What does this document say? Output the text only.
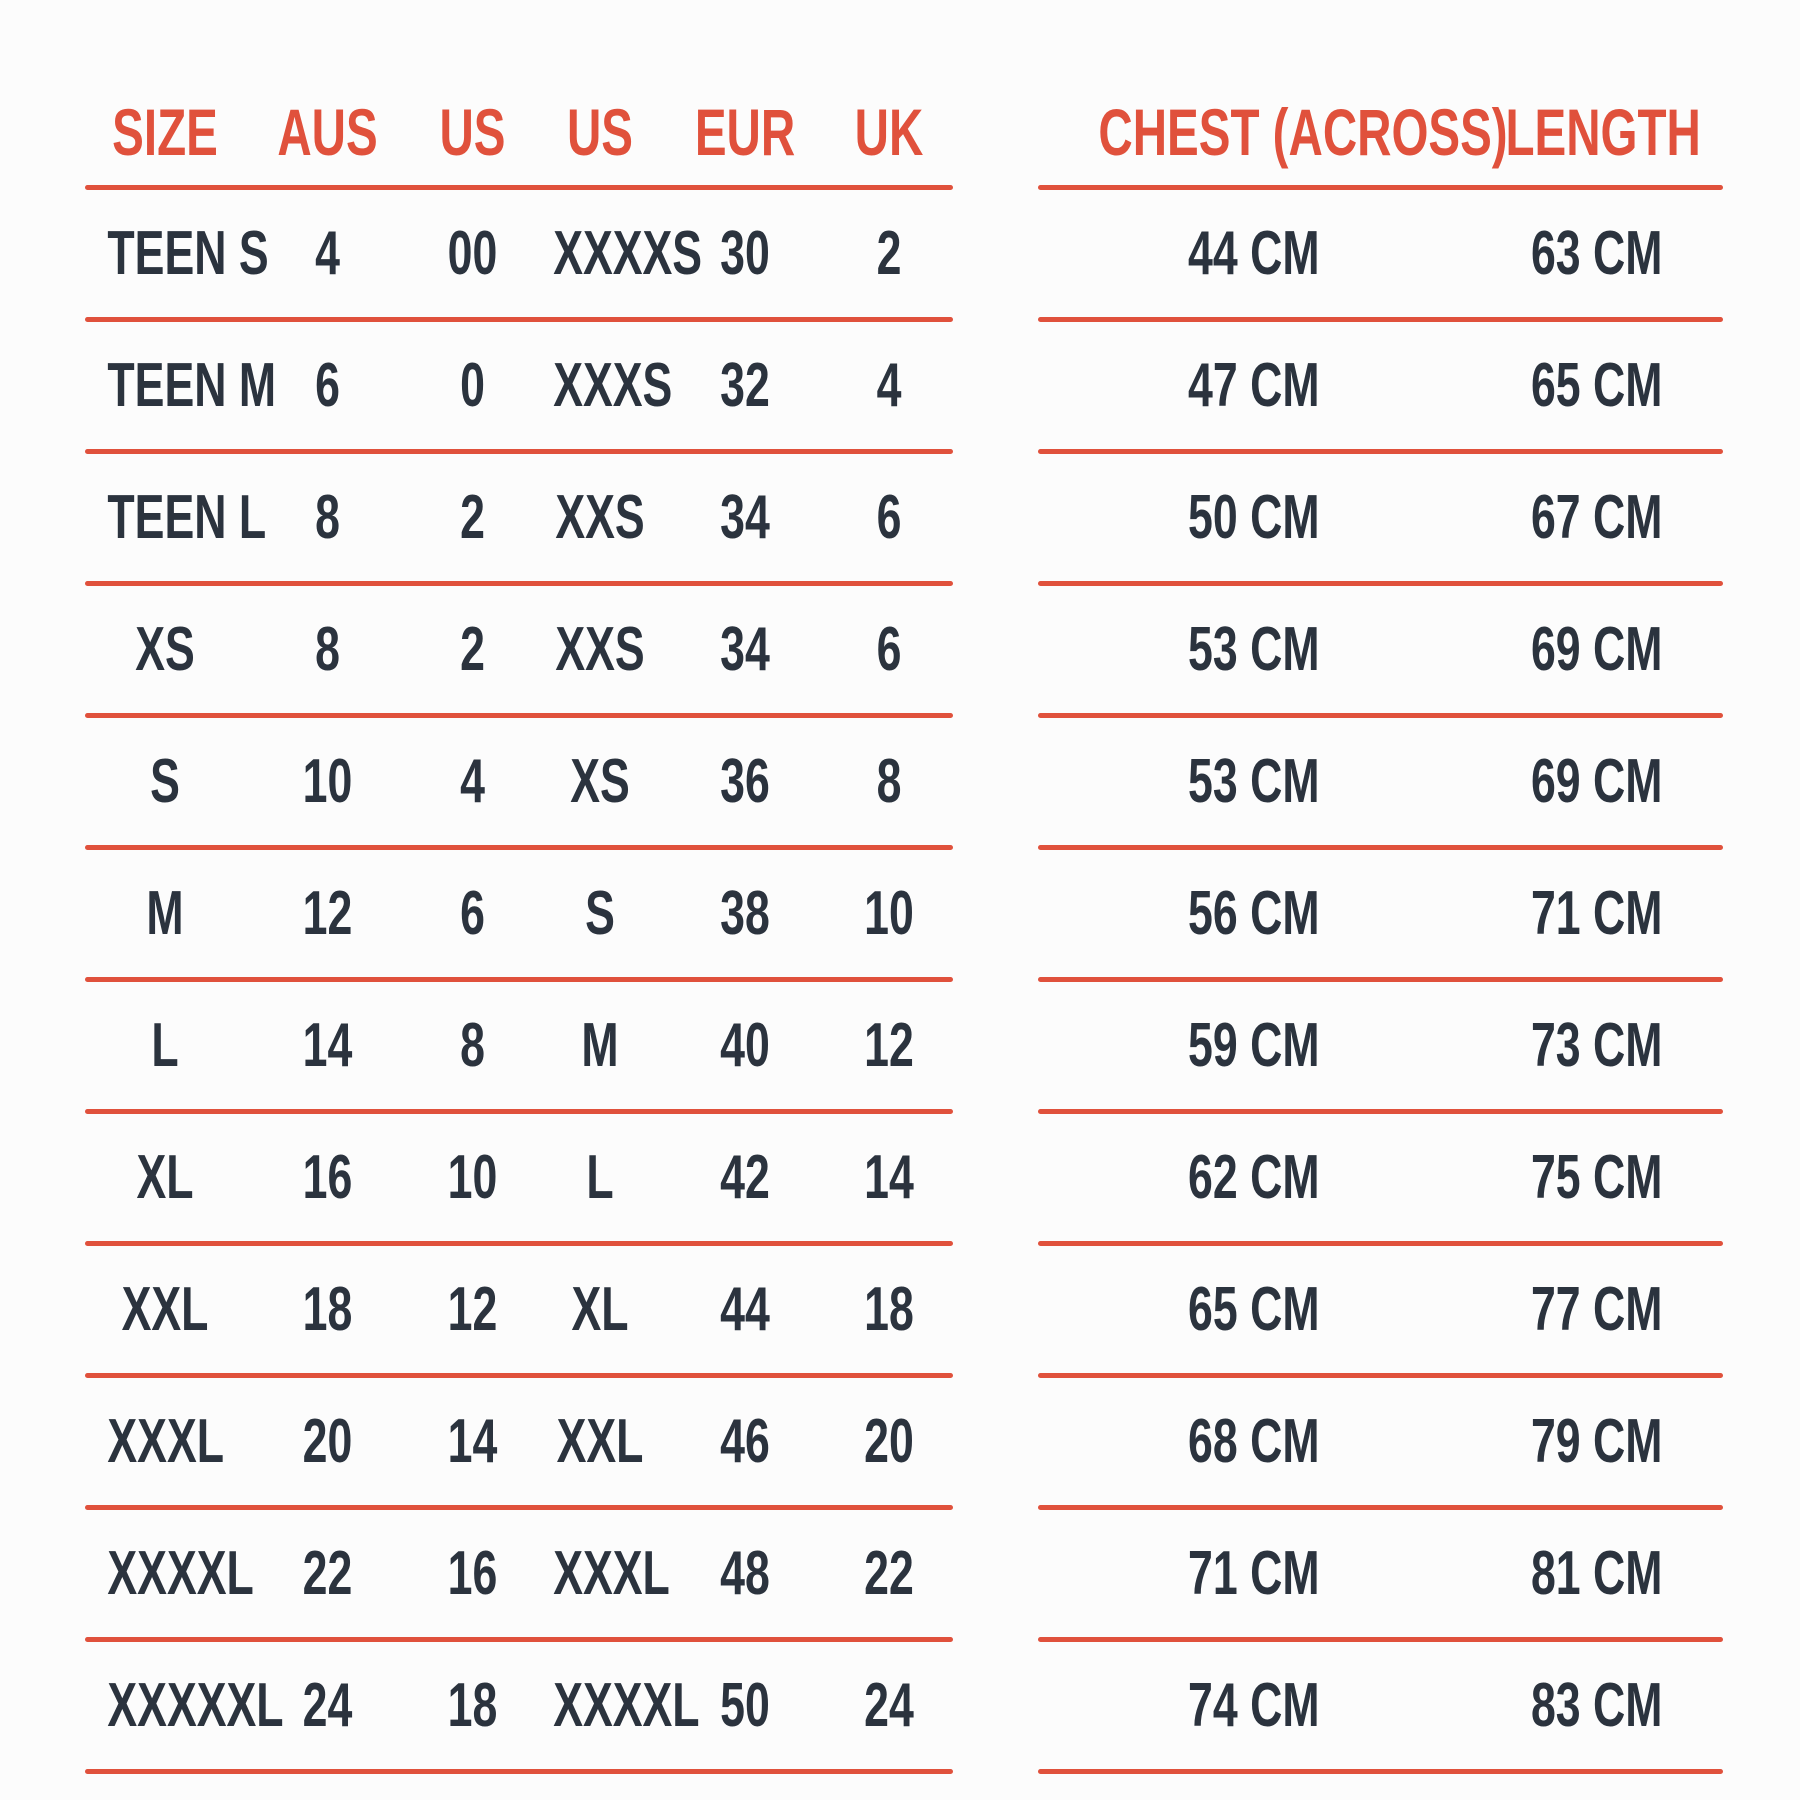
SIZE AUS US US EUR UK
TEEN S 4	00 XXXXS 30	2
TEEN M 6	0	XXXS 32	4
TEEN L 8	2	XXS	34	6
XS	8	2	XXS	34	6
S	10	4	XS	36	8
M	12	6	S	38	10
L	14	8	M	40	12
XL	16	10	L	42	14
XXL	18	12	XL	44	18
XXXL	20	14 XXL	46	20
XXXXL 22	16 XXXL 48	22
XXXXXL 24	18 XXXXL 50	24
CHEST (ACROSS)
LENGTH
44 CM	63 CM
47 CM	65 CM
50 CM	67 CM
53 CM	69 CM
53 CM	69 CM
56 CM	71 CM
59 CM	73 CM
62 CM	75 CM
65 CM	77 CM
68 CM	79 CM
71 CM	81 CM
74 CM	83 CM
